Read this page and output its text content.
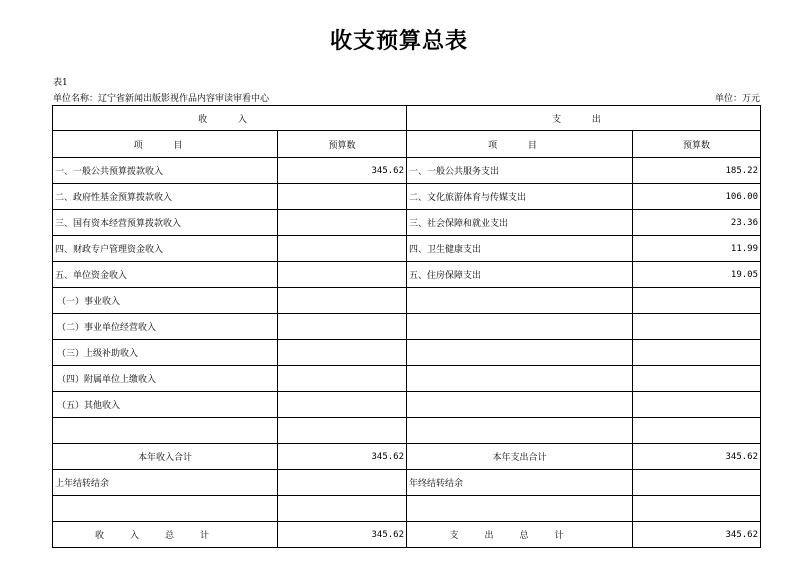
收支预算总表
表1
单位名称：辽宁省新闻出版影视作品内容审读审看中心	单位：万元
收 入		支 出	
项 目	预算数	项 目	预算数
一、一般公共预算拨款收入	345.62	一、一般公共服务支出	185.22
二、政府性基金预算拨款收入		二、文化旅游体育与传媒支出	106.00
三、国有资本经营预算拨款收入		三、社会保障和就业支出	23.36
四、财政专户管理资金收入		四、卫生健康支出	11.99
五、单位资金收入		五、住房保障支出	19.05
（一）事业收入			
（二）事业单位经营收入			
（三）上级补助收入			
（四）附属单位上缴收入			
（五）其他收入			

本年收入合计	345.62	本年支出合计	345.62
上年结转结余		年终结转结余	

收入总计	345.62	支出总计	345.62
